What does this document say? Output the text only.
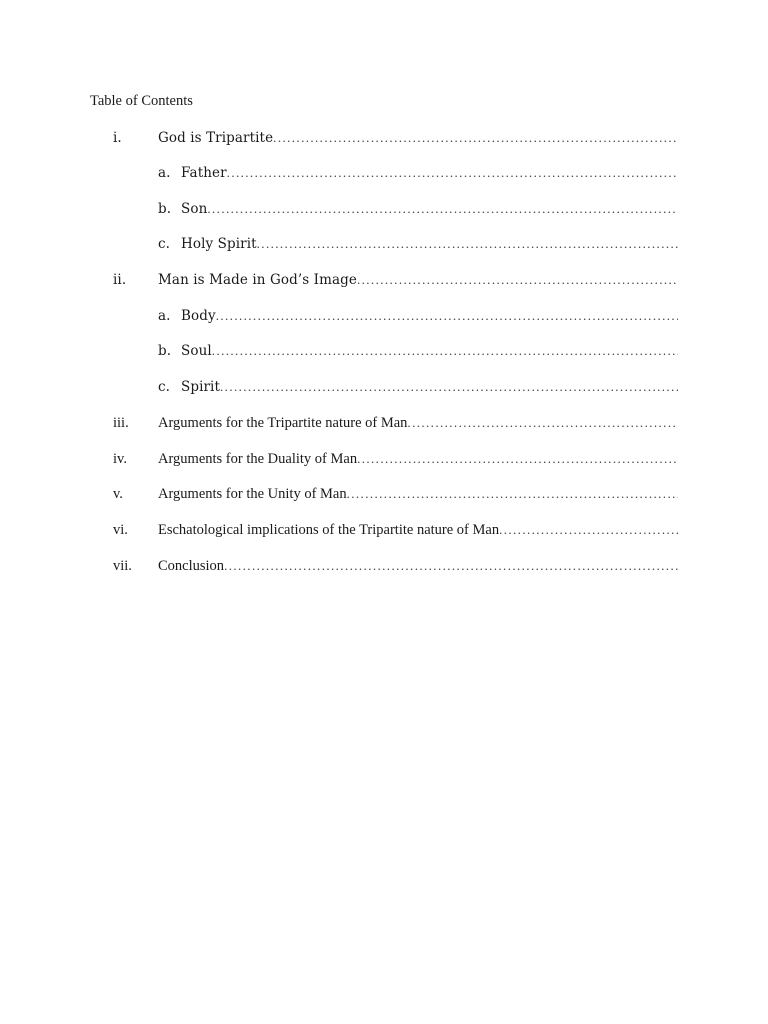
Table of Contents
i.	God is Tripartite
.....
a. Father
.....
b. Son
.....
c. Holy Spirit
.....
ii.	Man is Made in God’s Image
.....
a. Body
.....
b. Soul
.....
c. Spirit
.....
iii.	Arguments for the Tripartite nature of Man
.....
iv.	Arguments for the Duality of Man
.....
v.	Arguments for the Unity of Man
.....
vi.	Eschatological implications of the Tripartite nature of Man
.....
vii.	Conclusion
.....
